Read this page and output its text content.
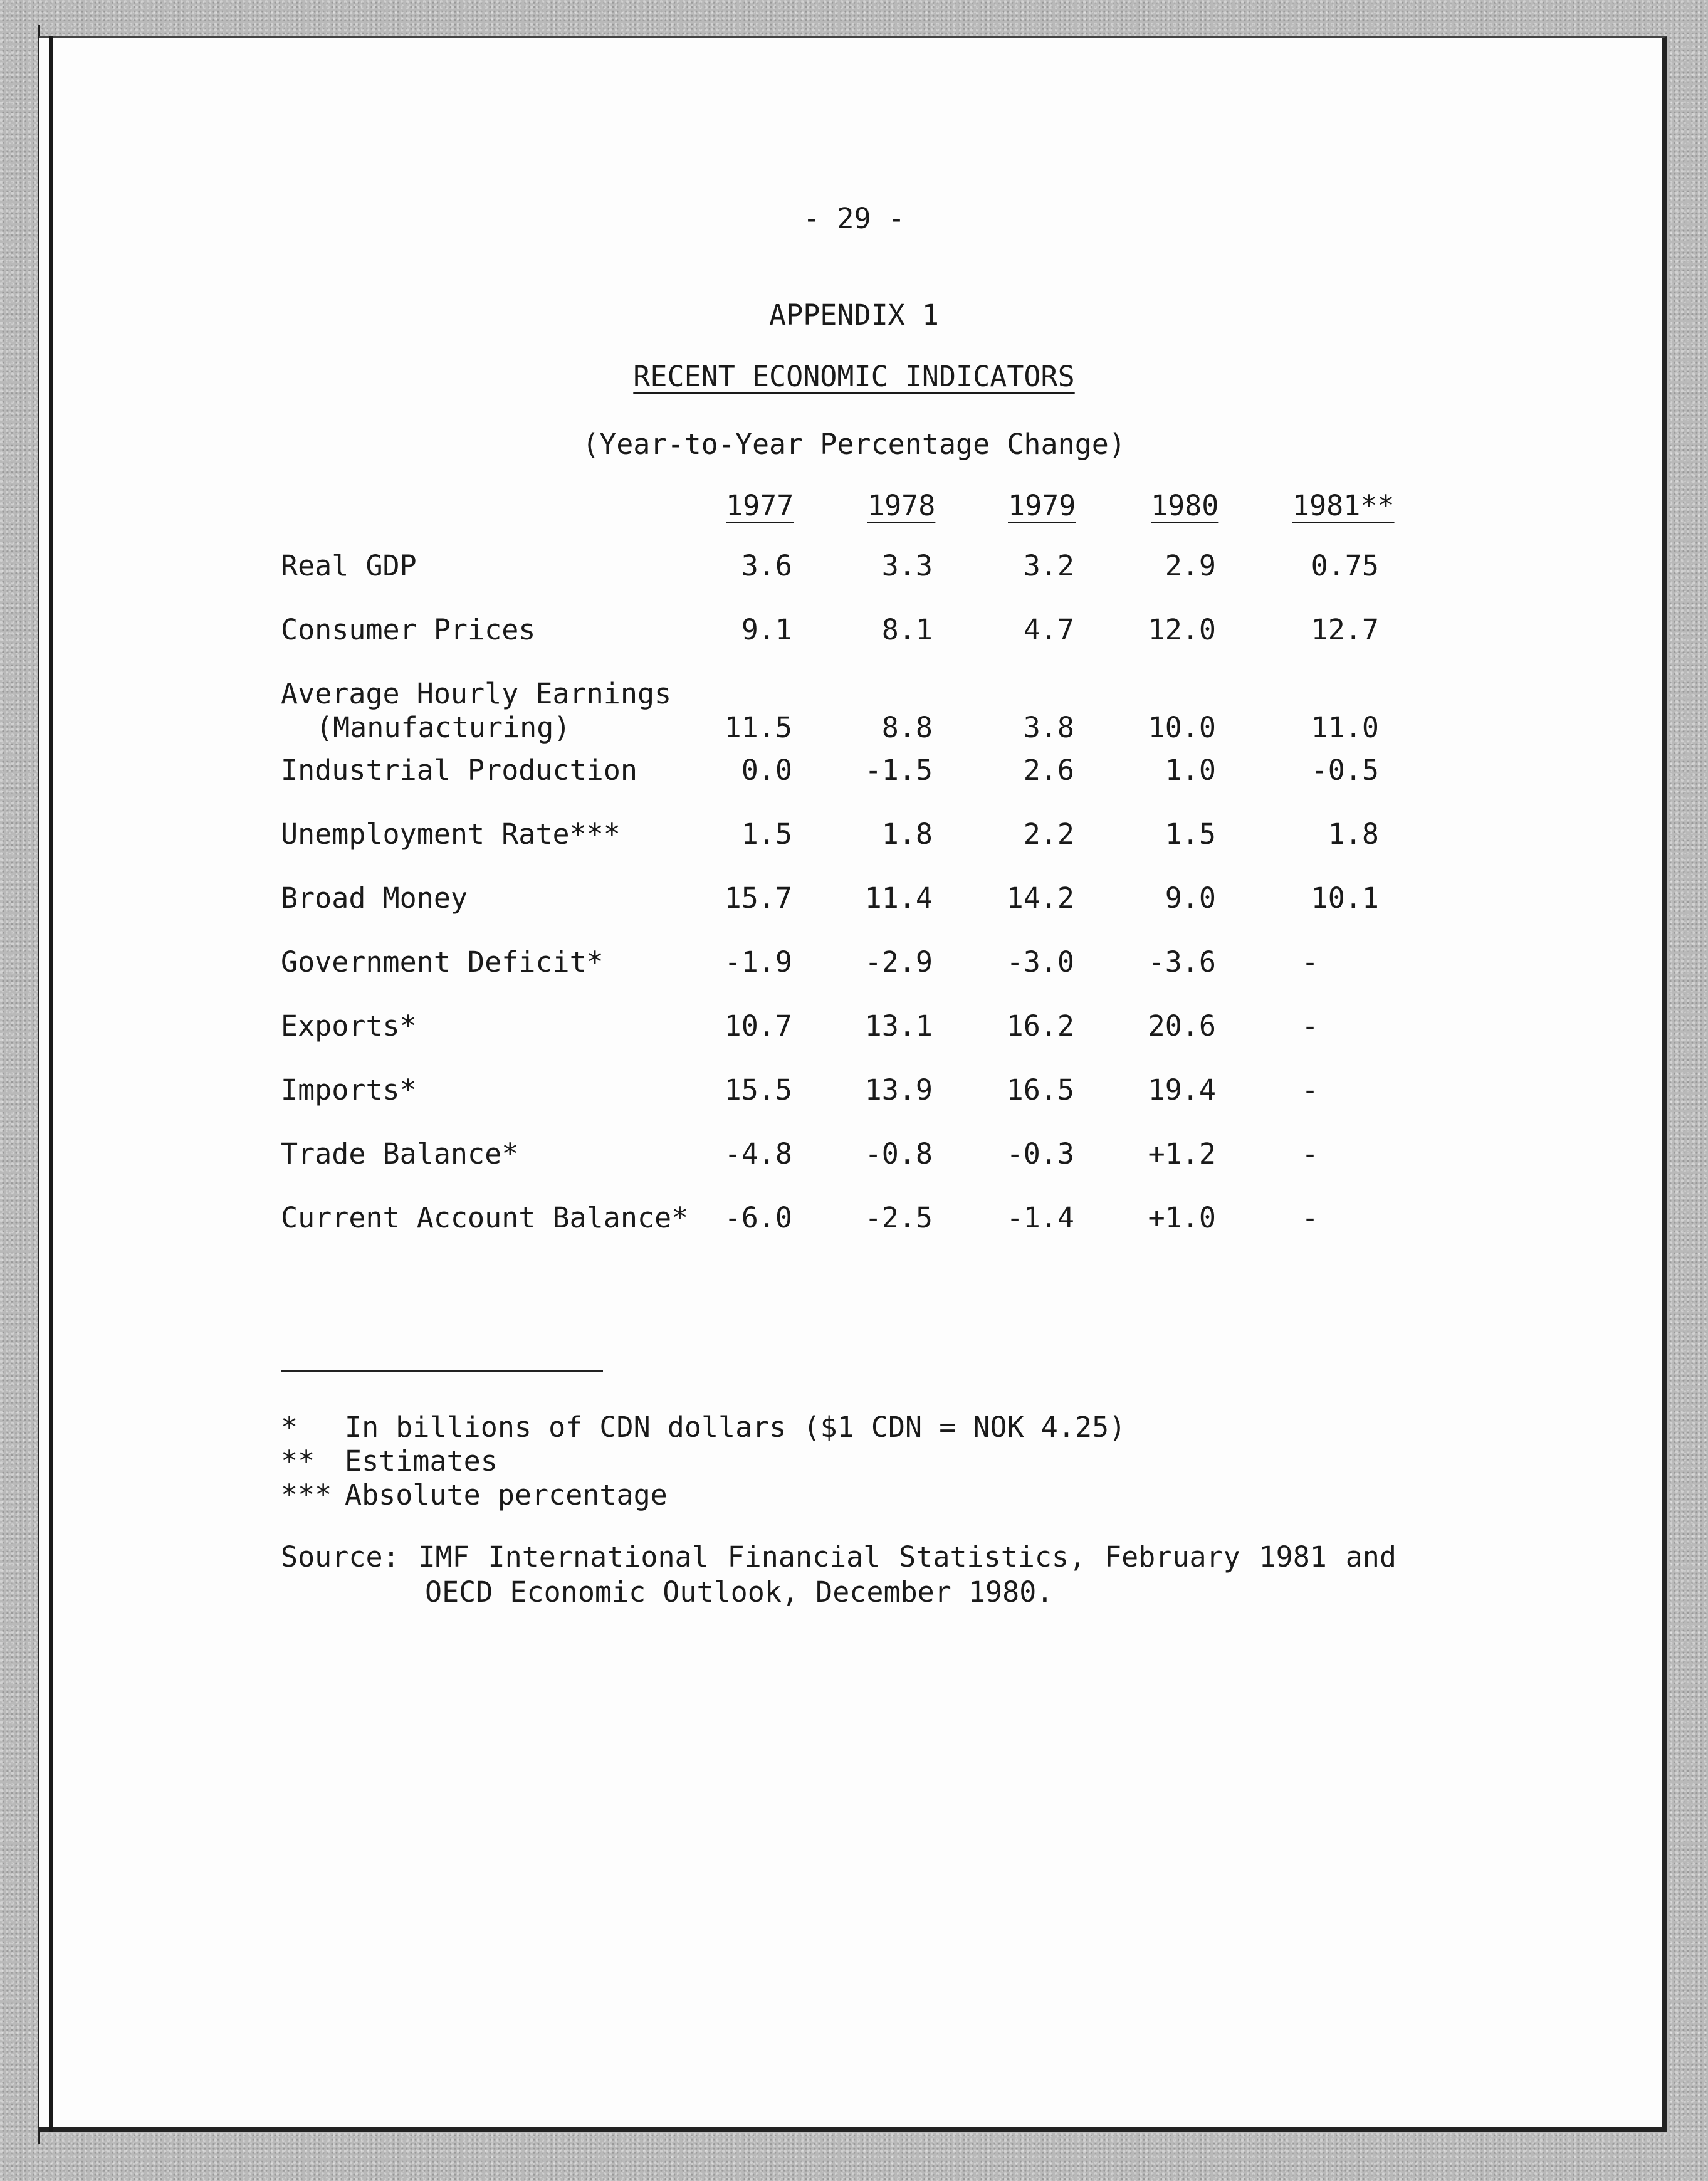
- 29 -
APPENDIX 1
RECENT ECONOMIC INDICATORS
(Year-to-Year Percentage Change)
1977	1978	1979	1980	1981**
Real GDP	3.6	3.3	3.2	2.9	0.75
Consumer Prices	9.1	8.1	4.7	12.0	12.7
Average Hourly Earnings
(Manufacturing)	11.5	8.8	3.8	10.0	11.0
Industrial Production	0.0	-1.5	2.6	1.0	-0.5
Unemployment Rate***	1.5	1.8	2.2	1.5	1.8
Broad Money	15.7	11.4	14.2	9.0	10.1
Government Deficit*	-1.9	-2.9	-3.0	-3.6	-
Exports*	10.7	13.1	16.2	20.6	-
Imports*	15.5	13.9	16.5	19.4	-
Trade Balance*	-4.8	-0.8	-0.3	+1.2	-
Current Account Balance*	-6.0	-2.5	-1.4	+1.0	-
*	In billions of CDN dollars ($1 CDN = NOK 4.25)
**	Estimates
*** Absolute percentage
Source: IMF International Financial Statistics, February 1981 and
OECD Economic Outlook, December 1980.
